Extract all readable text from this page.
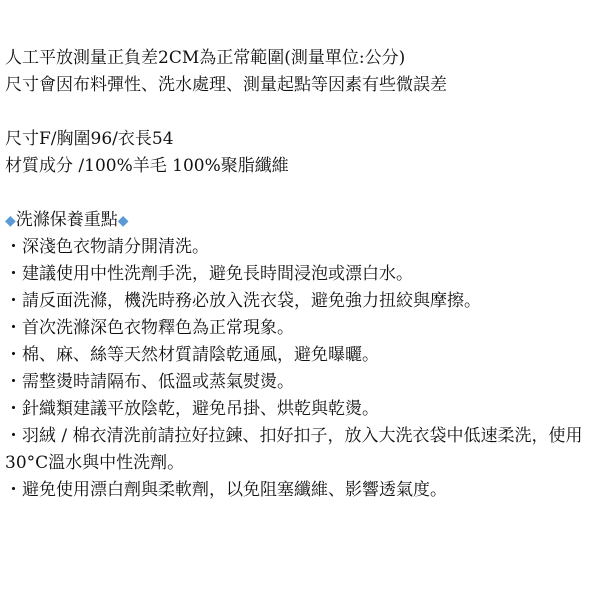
人工平放測量正負差2CM為正常範圍(測量單位:公分)
尺寸會因布料彈性、洗水處理、測量起點等因素有些微誤差
尺寸F/胸圍96/衣長54
材質成分 /100%羊毛 100%聚脂纖維
◆洗滌保養重點◆
・深淺色衣物請分開清洗。
・建議使用中性洗劑手洗，避免長時間浸泡或漂白水。
・請反面洗滌，機洗時務必放入洗衣袋，避免強力扭絞與摩擦。
・首次洗滌深色衣物釋色為正常現象。
・棉、麻、絲等天然材質請陰乾通風，避免曝曬。
・需整燙時請隔布、低溫或蒸氣熨燙。
・針織類建議平放陰乾，避免吊掛、烘乾與乾燙。
・羽絨 / 棉衣清洗前請拉好拉鍊、扣好扣子，放入大洗衣袋中低速柔洗，使用30°C溫水與中性洗劑。
・避免使用漂白劑與柔軟劑，以免阻塞纖維、影響透氣度。
